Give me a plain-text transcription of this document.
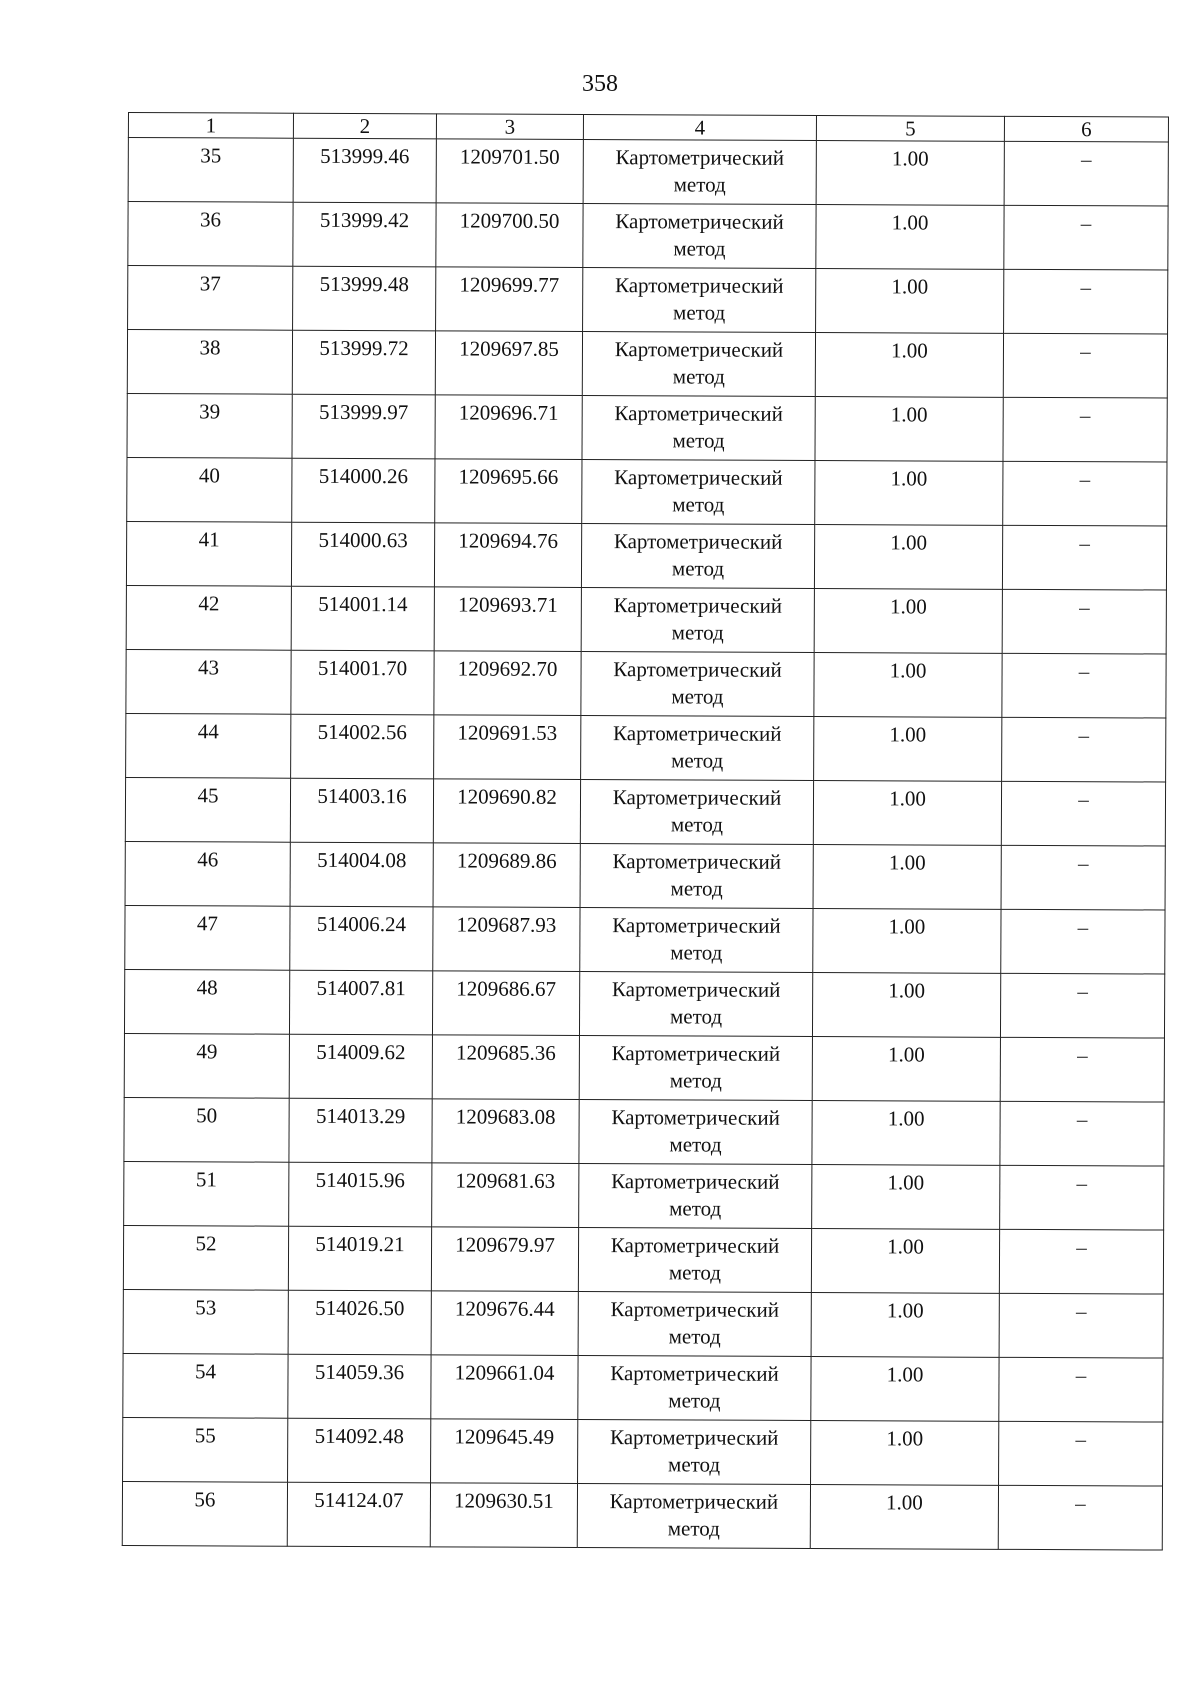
358
1	2	3	4	5	6
35	513999.46	1209701.50	Картометрический метод	1.00	–
36	513999.42	1209700.50	Картометрический метод	1.00	–
37	513999.48	1209699.77	Картометрический метод	1.00	–
38	513999.72	1209697.85	Картометрический метод	1.00	–
39	513999.97	1209696.71	Картометрический метод	1.00	–
40	514000.26	1209695.66	Картометрический метод	1.00	–
41	514000.63	1209694.76	Картометрический метод	1.00	–
42	514001.14	1209693.71	Картометрический метод	1.00	–
43	514001.70	1209692.70	Картометрический метод	1.00	–
44	514002.56	1209691.53	Картометрический метод	1.00	–
45	514003.16	1209690.82	Картометрический метод	1.00	–
46	514004.08	1209689.86	Картометрический метод	1.00	–
47	514006.24	1209687.93	Картометрический метод	1.00	–
48	514007.81	1209686.67	Картометрический метод	1.00	–
49	514009.62	1209685.36	Картометрический метод	1.00	–
50	514013.29	1209683.08	Картометрический метод	1.00	–
51	514015.96	1209681.63	Картометрический метод	1.00	–
52	514019.21	1209679.97	Картометрический метод	1.00	–
53	514026.50	1209676.44	Картометрический метод	1.00	–
54	514059.36	1209661.04	Картометрический метод	1.00	–
55	514092.48	1209645.49	Картометрический метод	1.00	–
56	514124.07	1209630.51	Картометрический метод	1.00	–
